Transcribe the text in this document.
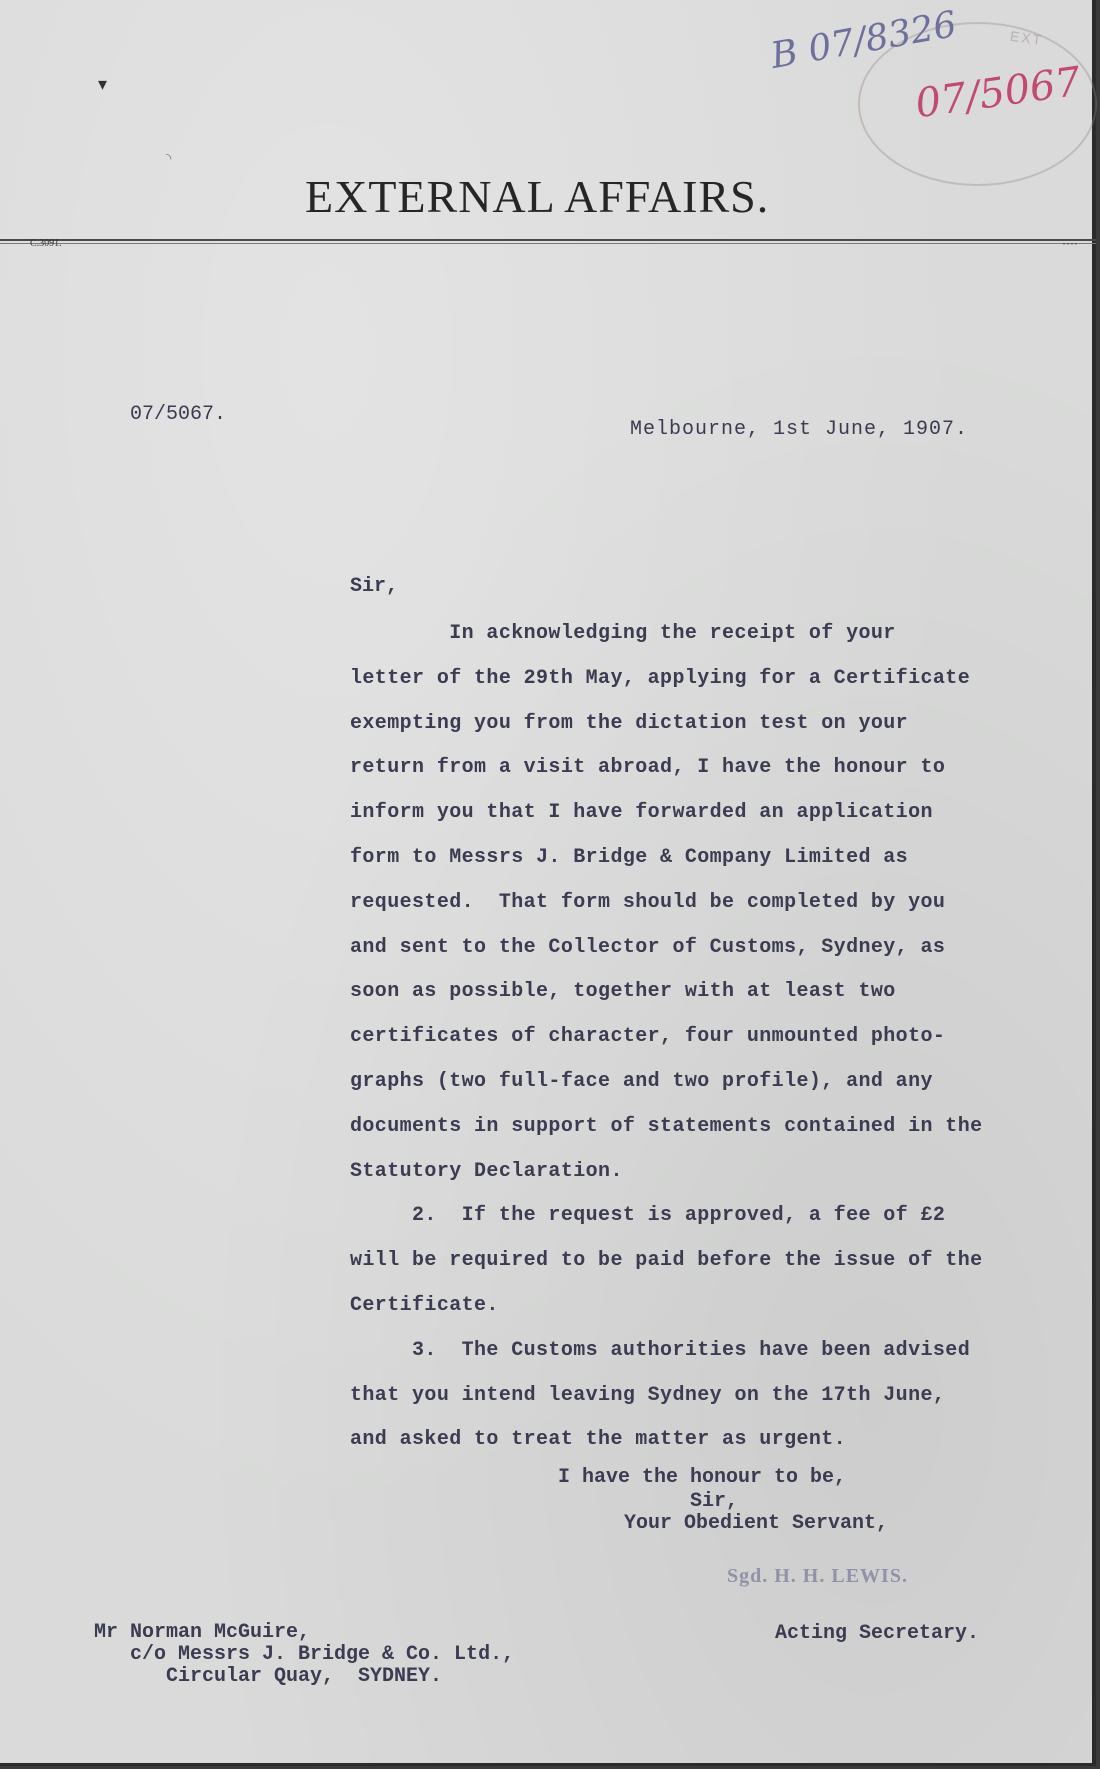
EXT
B 07/8326
07/5067
▾
◝
EXTERNAL AFFAIRS.
C.3091.	····
07/5067.
Melbourne, 1st June, 1907.
Sir,

In acknowledging the receipt of your

letter of the 29th May, applying for a Certificate

exempting you from the dictation test on your

return from a visit abroad, I have the honour to

inform you that I have forwarded an application

form to Messrs J. Bridge & Company Limited as

requested.  That form should be completed by you

and sent to the Collector of Customs, Sydney, as

soon as possible, together with at least two

certificates of character, four unmounted photo-

graphs (two full-face and two profile), and any

documents in support of statements contained in the

Statutory Declaration.

2.  If the request is approved, a fee of £2

will be required to be paid before the issue of the

Certificate.

3.  The Customs authorities have been advised

that you intend leaving Sydney on the 17th June,

and asked to treat the matter as urgent.

I have the honour to be,
Sir,
Your Obedient Servant,
Sgd. H. H. LEWIS.
Acting Secretary.
Mr Norman McGuire,
c/o Messrs J. Bridge & Co. Ltd.,
Circular Quay,  SYDNEY.
